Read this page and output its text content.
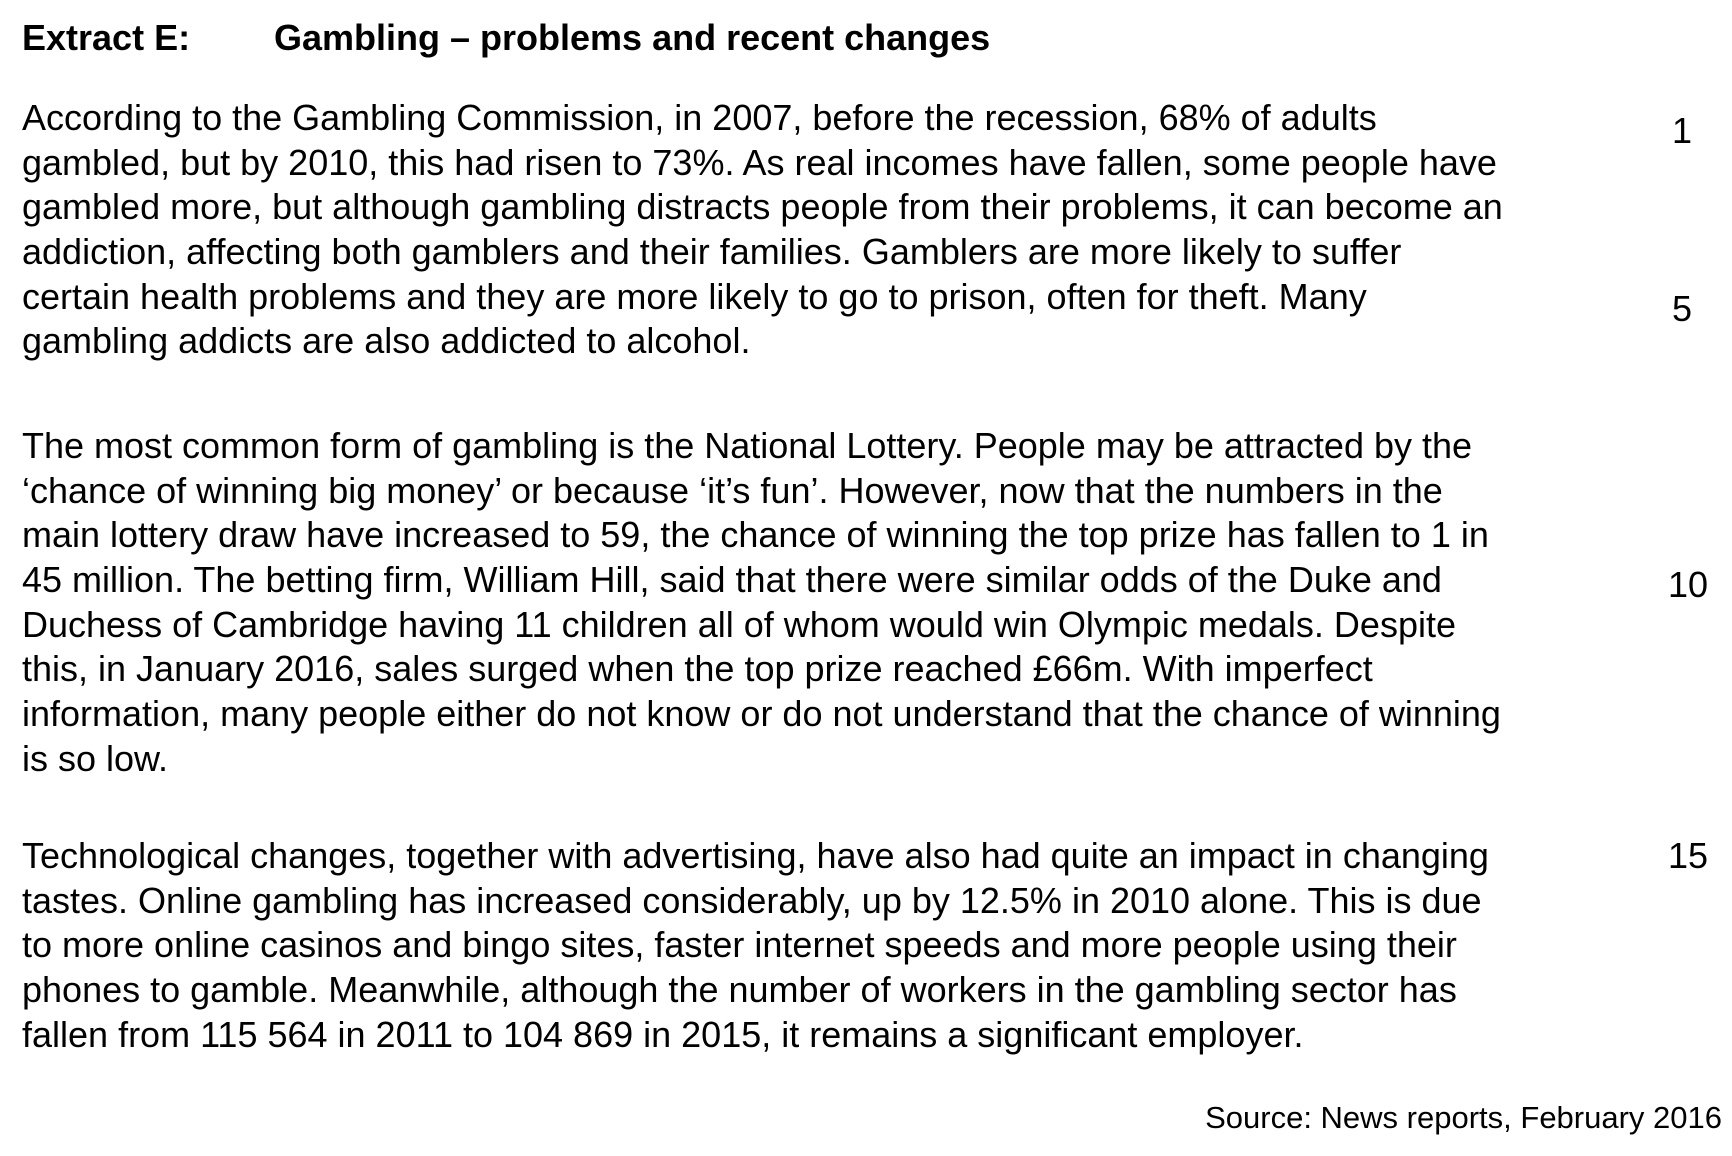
Extract E: Gambling – problems and recent changes
According to the Gambling Commission, in 2007, before the recession, 68% of adults
gambled, but by 2010, this had risen to 73%. As real incomes have fallen, some people have
gambled more, but although gambling distracts people from their problems, it can become an
addiction, affecting both gamblers and their families. Gamblers are more likely to suffer
certain health problems and they are more likely to go to prison, often for theft. Many
gambling addicts are also addicted to alcohol.
The most common form of gambling is the National Lottery. People may be attracted by the
‘chance of winning big money’ or because ‘it’s fun’. However, now that the numbers in the
main lottery draw have increased to 59, the chance of winning the top prize has fallen to 1 in
45 million. The betting firm, William Hill, said that there were similar odds of the Duke and
Duchess of Cambridge having 11 children all of whom would win Olympic medals. Despite
this, in January 2016, sales surged when the top prize reached £66m. With imperfect
information, many people either do not know or do not understand that the chance of winning
is so low.
Technological changes, together with advertising, have also had quite an impact in changing
tastes. Online gambling has increased considerably, up by 12.5% in 2010 alone. This is due
to more online casinos and bingo sites, faster internet speeds and more people using their
phones to gamble. Meanwhile, although the number of workers in the gambling sector has
fallen from 115 564 in 2011 to 104 869 in 2015, it remains a significant employer.
1
5
10
15
Source: News reports, February 2016
